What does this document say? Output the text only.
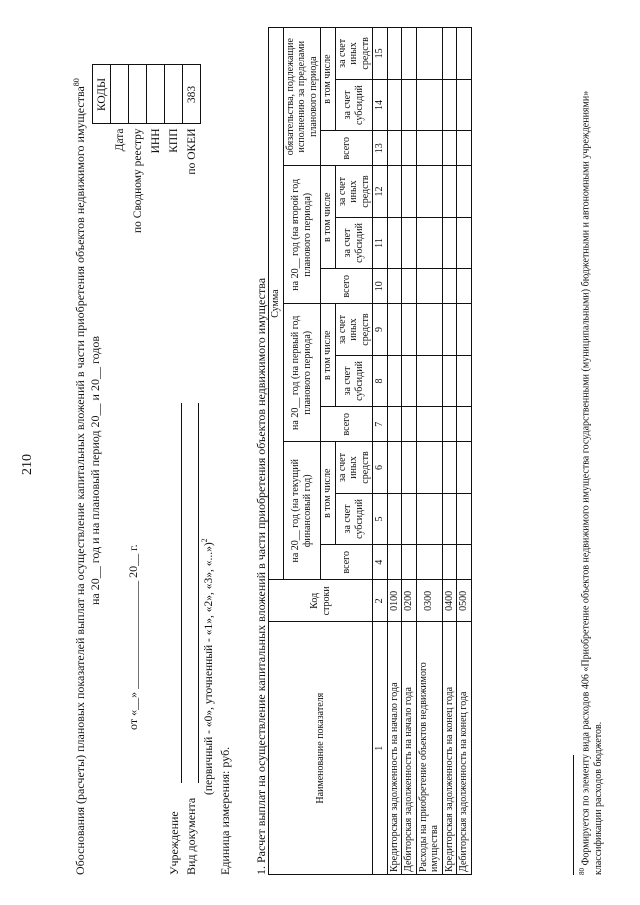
210	Обоснования (расчеты) плановых показателей выплат на осуществление капитальных вложений в части приобретения объектов недвижимого имущества$^{80}$
на 20__ год и на плановый период 20__ и 20__ годов
от «__» __________________ 20__ г.
Учреждение Вид документа
(первичный - «0», уточненный - «1», «2», «3», «...»)$^2$
Единица измерения: руб.
	КОДЫ
Дата	
по Сводному реестру	
ИНН	
КПП	
по ОКЕИ	383
1. Расчет выплат на осуществление капитальных вложений в части приобретения объектов недвижимого имущества	Наименование показателя	Код строки	Сумма											
		на 20__ год (на текущий финансовый год)			на 20__ год (на первый год планового периода)			на 20__ год (на второй год планового периода)			обязательства, подлежащие исполнению за пределами планового периода		
		всего	в том числе		всего	в том числе		всего	в том числе		всего	в том числе	
			за счет субсидий	за счет иных средств		за счет субсидий	за счет иных средств		за счет субсидий	за счет иных средств		за счет субсидий	за счет иных средств
1	2	4	5	6	7	8	9	10	11	12	13	14	15
Кредиторская задолженность на начало года	0100												
Дебиторская задолженность на начало года	0200												
Расходы на приобретение объектов недвижимого имущества	0300												
Кредиторская задолженность на конец года	0400												
Дебиторская задолженность на конец года	0500												
$^{80}$ Формируется по элементу вида расходов 406 «Приобретение объектов недвижимого имущества государственными (муниципальными) бюджетными и автономными учреждениями» классификации расходов бюджетов.
